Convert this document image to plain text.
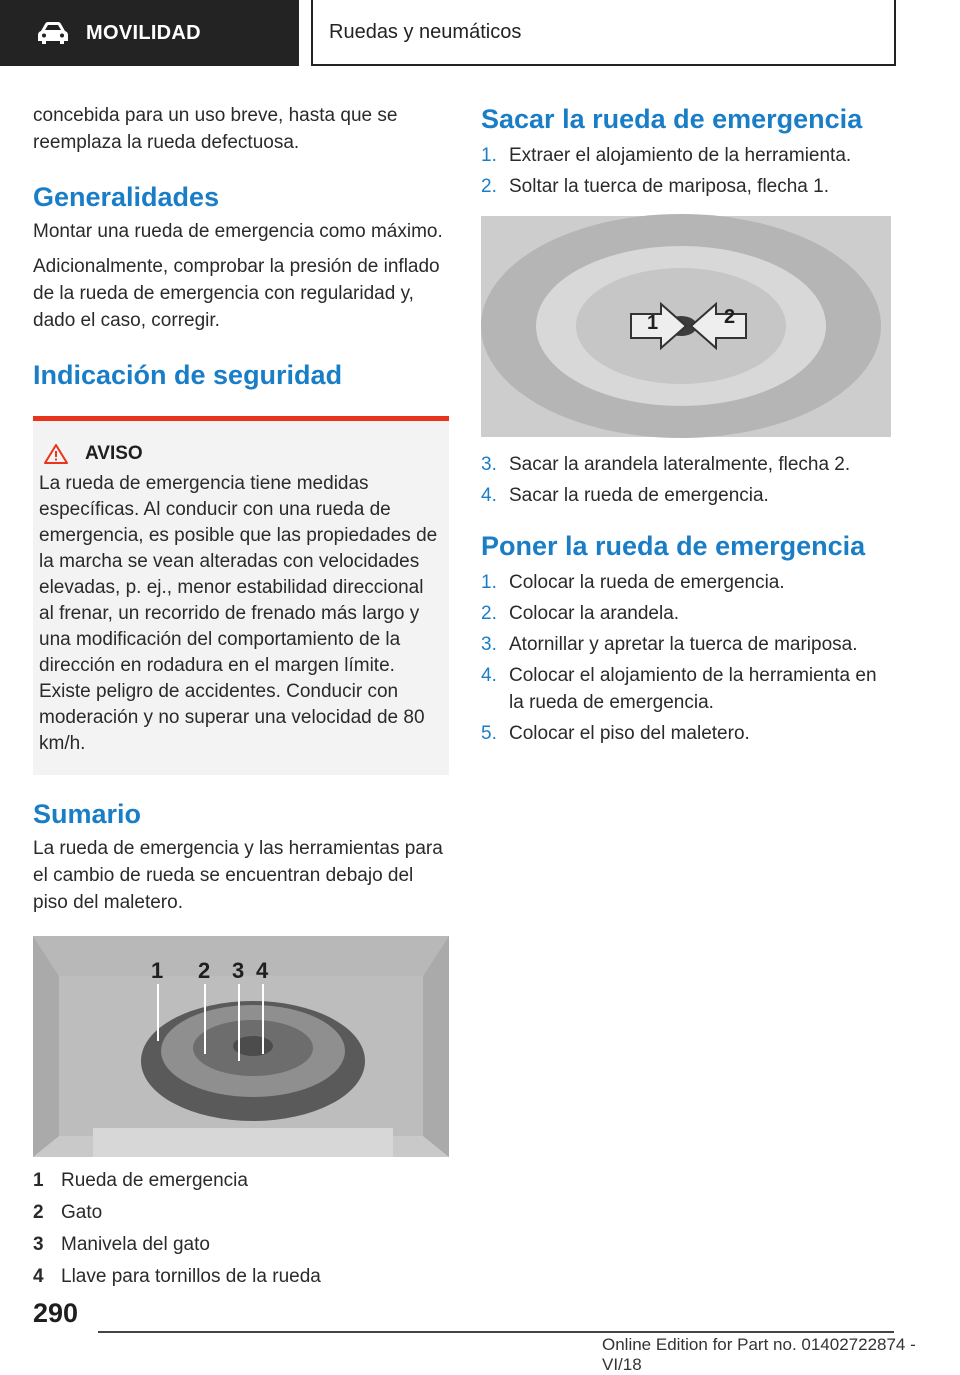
MOVILIDAD	Ruedas y neumáticos

concebida para un uso breve, hasta que se reemplaza la rueda defectuosa.

Generalidades

Montar una rueda de emergencia como máximo.

Adicionalmente, comprobar la presión de inflado de la rueda de emergencia con regularidad y, dado el caso, corregir.

Indicación de seguridad
AVISO

La rueda de emergencia tiene medidas específicas. Al conducir con una rueda de emergencia, es posible que las propiedades de la marcha se vean alteradas con velocidades elevadas, p. ej., menor estabilidad direccional al frenar, un recorrido de frenado más largo y una modificación del comportamiento de la dirección en rodadura en el margen límite. Existe peligro de accidentes. Conducir con moderación y no superar una velocidad de 80 km/h.

Sumario

La rueda de emergencia y las herramientas para el cambio de rueda se encuentran debajo del piso del maletero.

1 2 3 4
1 Rueda de emergencia
2 Gato
3 Manivela del gato
4 Llave para tornillos de la rueda
Sacar la rueda de emergencia
1. Extraer el alojamiento de la herramienta.
2. Soltar la tuerca de mariposa, flecha 1.
1	2
3. Sacar la arandela lateralmente, flecha 2.
4. Sacar la rueda de emergencia.
Poner la rueda de emergencia
1. Colocar la rueda de emergencia.
2. Colocar la arandela.
3. Atornillar y apretar la tuerca de mariposa.
4. Colocar el alojamiento de la herramienta en la rueda de emergencia.
5. Colocar el piso del maletero.
290
Online Edition for Part no. 01402722874 - VI/18
